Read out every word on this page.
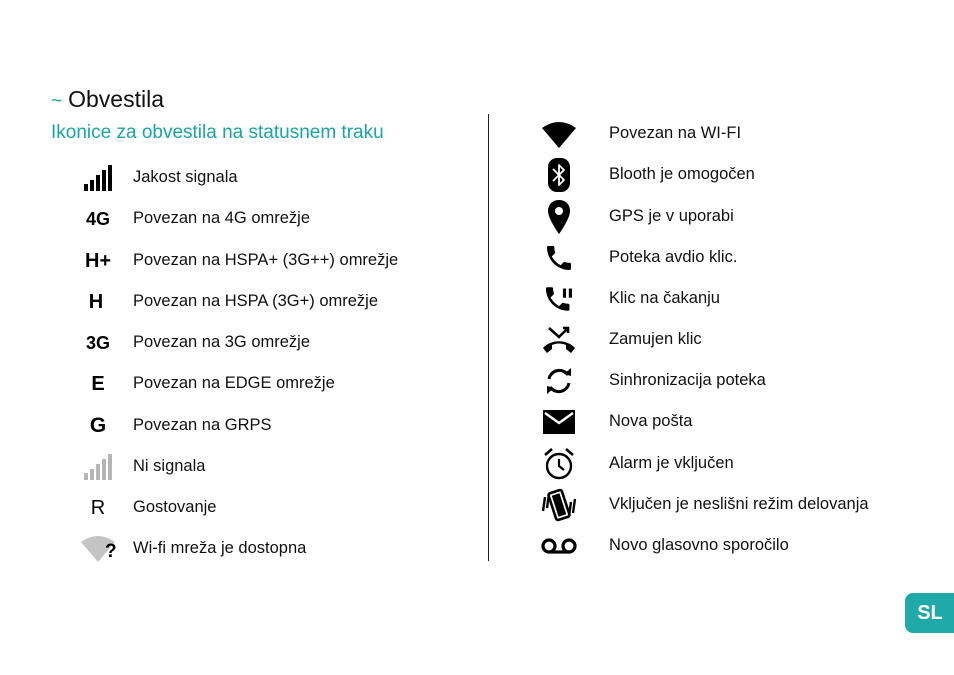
~ Obvestila
Ikonice za obvestila na statusnem traku
Jakost signala
4G Povezan na 4G omrežje
H+ Povezan na HSPA+ (3G++) omrežje
H Povezan na HSPA (3G+) omrežje
3G Povezan na 3G omrežje
E Povezan na EDGE omrežje
G Povezan na GRPS
Ni signala
R Gostovanje
? Wi-fi mreža je dostopna
Povezan na WI-FI
Blooth je omogočen
GPS je v uporabi
Poteka avdio klic.
Klic na čakanju
Zamujen klic
Sinhronizacija poteka
Nova pošta
Alarm je vključen
Vključen je neslišni režim delovanja
Novo glasovno sporočilo
SL
